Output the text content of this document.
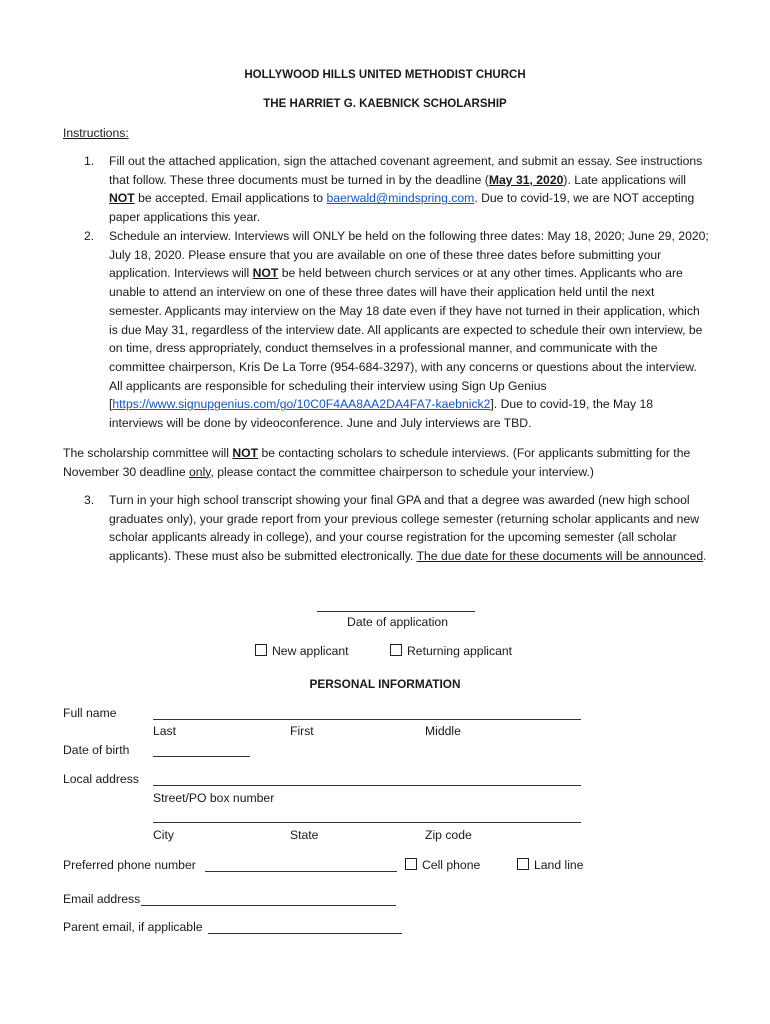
HOLLYWOOD HILLS UNITED METHODIST CHURCH
THE HARRIET G. KAEBNICK SCHOLARSHIP
Instructions:
1.	Fill out the attached application, sign the attached covenant agreement, and submit an essay. See instructions that follow. These three documents must be turned in by the deadline (May 31, 2020). Late applications will NOT be accepted. Email applications to baerwald@mindspring.com. Due to covid-19, we are NOT accepting paper applications this year.
2.	Schedule an interview. Interviews will ONLY be held on the following three dates: May 18, 2020; June 29, 2020; July 18, 2020. Please ensure that you are available on one of these three dates before submitting your application. Interviews will NOT be held between church services or at any other times. Applicants who are unable to attend an interview on one of these three dates will have their application held until the next semester. Applicants may interview on the May 18 date even if they have not turned in their application, which is due May 31, regardless of the interview date. All applicants are expected to schedule their own interview, be on time, dress appropriately, conduct themselves in a professional manner, and communicate with the committee chairperson, Kris De La Torre (954-684-3297), with any concerns or questions about the interview. All applicants are responsible for scheduling their interview using Sign Up Genius [https://www.signupgenius.com/go/10C0F4AA8AA2DA4FA7-kaebnick2]. Due to covid-19, the May 18 interviews will be done by videoconference. June and July interviews are TBD.
The scholarship committee will NOT be contacting scholars to schedule interviews. (For applicants submitting for the November 30 deadline only, please contact the committee chairperson to schedule your interview.)
3.	Turn in your high school transcript showing your final GPA and that a degree was awarded (new high school graduates only), your grade report from your previous college semester (returning scholar applicants and new scholar applicants already in college), and your course registration for the upcoming semester (all scholar applicants). These must also be submitted electronically. The due date for these documents will be announced.
Date of application
New applicant	Returning applicant
PERSONAL INFORMATION
Full name
Last	First	Middle
Date of birth
Local address
Street/PO box number
City	State	Zip code
Preferred phone number	Cell phone	Land line
Email address
Parent email, if applicable
